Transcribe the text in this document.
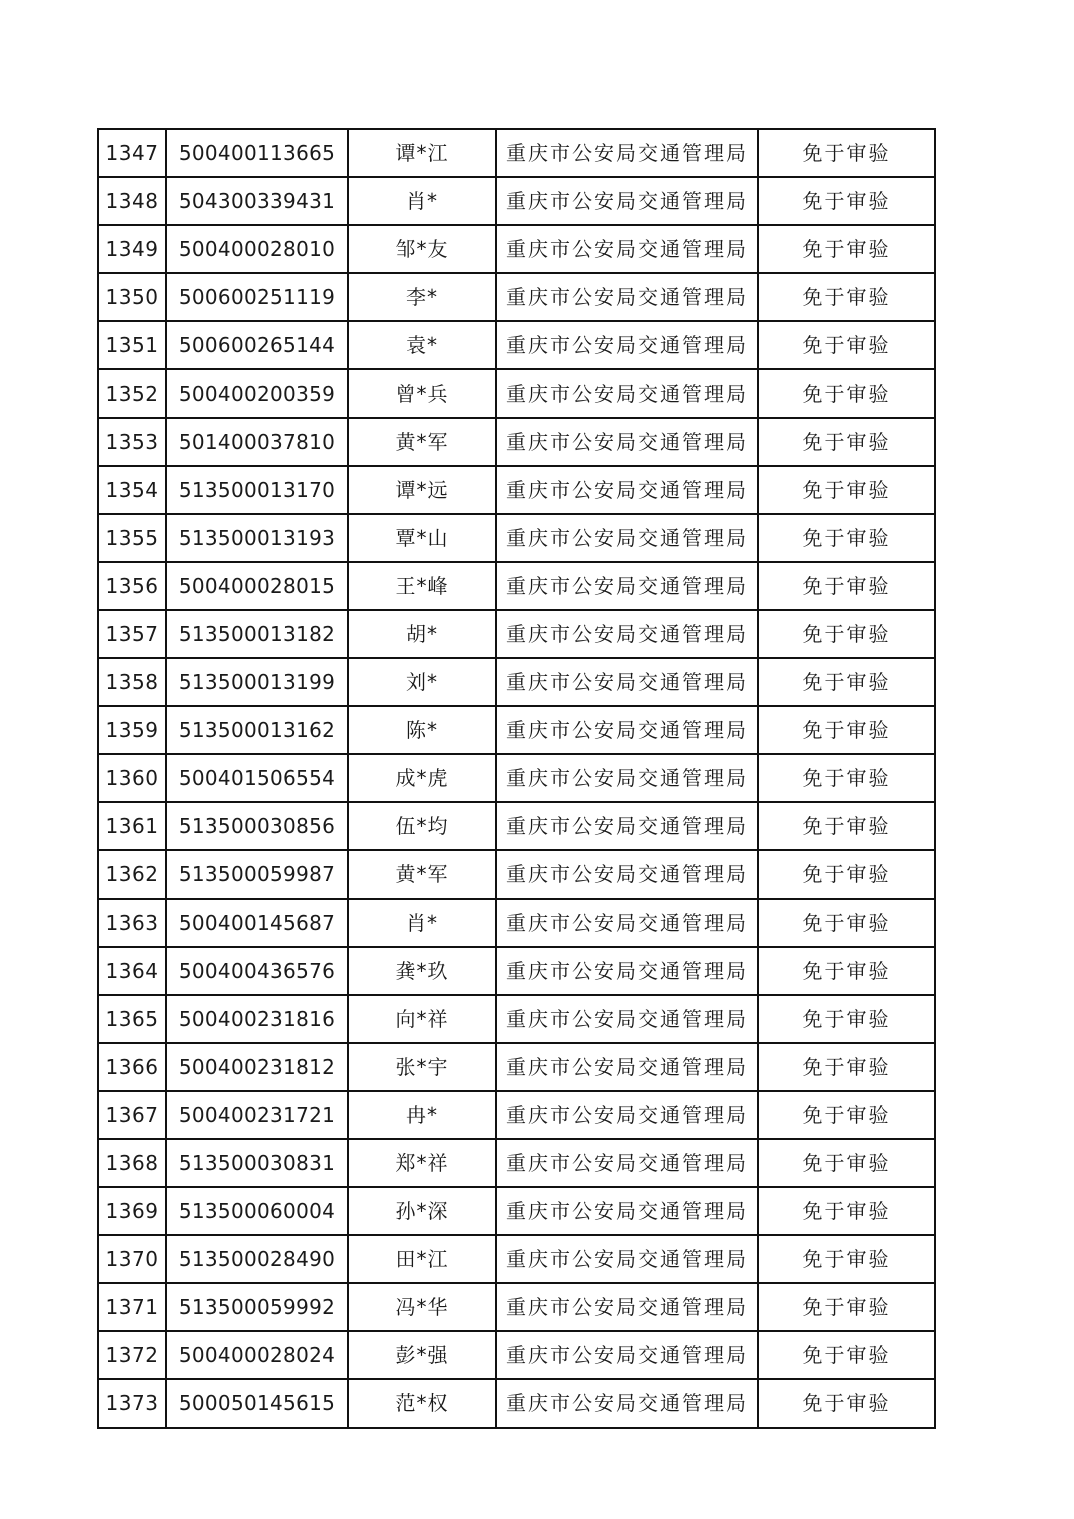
1347	500400113665	谭*江	重庆市公安局交通管理局	免于审验
1348	504300339431	肖*	重庆市公安局交通管理局	免于审验
1349	500400028010	邹*友	重庆市公安局交通管理局	免于审验
1350	500600251119	李*	重庆市公安局交通管理局	免于审验
1351	500600265144	袁*	重庆市公安局交通管理局	免于审验
1352	500400200359	曾*兵	重庆市公安局交通管理局	免于审验
1353	501400037810	黄*军	重庆市公安局交通管理局	免于审验
1354	513500013170	谭*远	重庆市公安局交通管理局	免于审验
1355	513500013193	覃*山	重庆市公安局交通管理局	免于审验
1356	500400028015	王*峰	重庆市公安局交通管理局	免于审验
1357	513500013182	胡*	重庆市公安局交通管理局	免于审验
1358	513500013199	刘*	重庆市公安局交通管理局	免于审验
1359	513500013162	陈*	重庆市公安局交通管理局	免于审验
1360	500401506554	成*虎	重庆市公安局交通管理局	免于审验
1361	513500030856	伍*均	重庆市公安局交通管理局	免于审验
1362	513500059987	黄*军	重庆市公安局交通管理局	免于审验
1363	500400145687	肖*	重庆市公安局交通管理局	免于审验
1364	500400436576	龚*玖	重庆市公安局交通管理局	免于审验
1365	500400231816	向*祥	重庆市公安局交通管理局	免于审验
1366	500400231812	张*宇	重庆市公安局交通管理局	免于审验
1367	500400231721	冉*	重庆市公安局交通管理局	免于审验
1368	513500030831	郑*祥	重庆市公安局交通管理局	免于审验
1369	513500060004	孙*深	重庆市公安局交通管理局	免于审验
1370	513500028490	田*江	重庆市公安局交通管理局	免于审验
1371	513500059992	冯*华	重庆市公安局交通管理局	免于审验
1372	500400028024	彭*强	重庆市公安局交通管理局	免于审验
1373	500050145615	范*权	重庆市公安局交通管理局	免于审验
